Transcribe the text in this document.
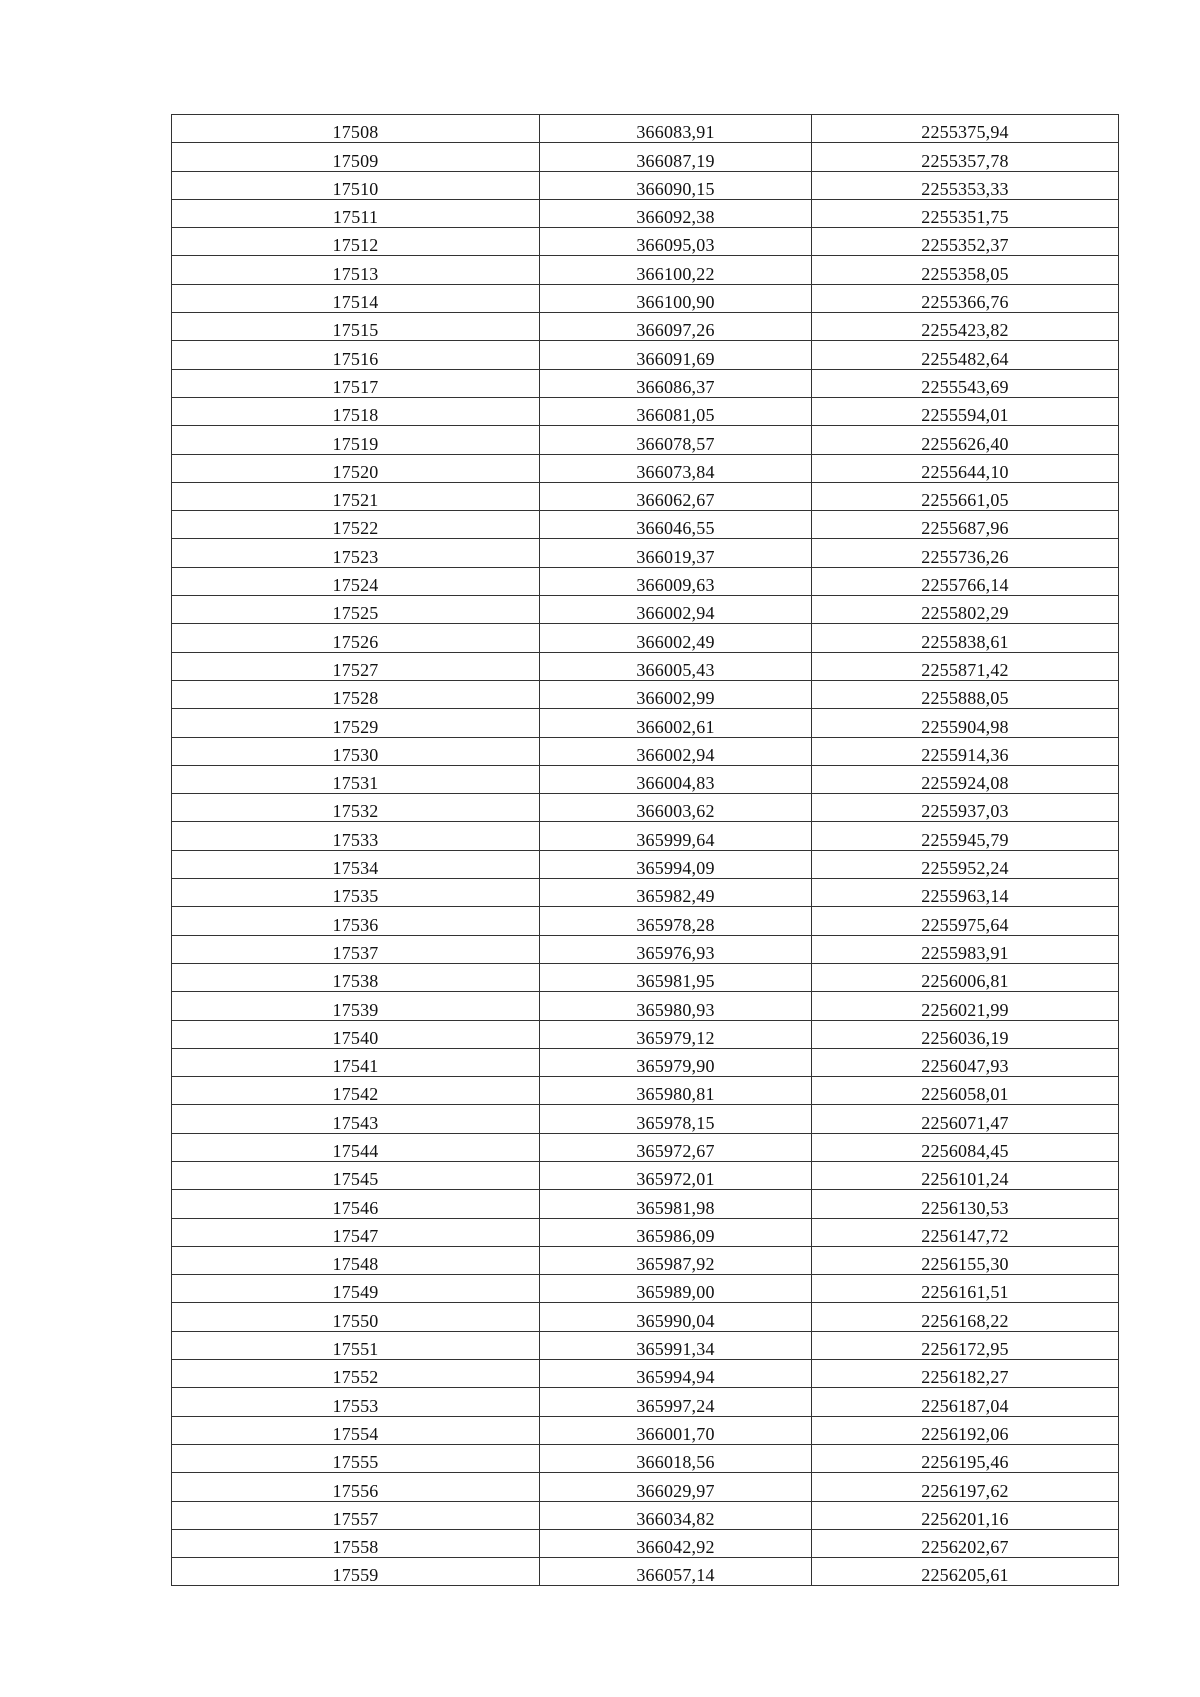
17508	366083,91	2255375,94
17509	366087,19	2255357,78
17510	366090,15	2255353,33
17511	366092,38	2255351,75
17512	366095,03	2255352,37
17513	366100,22	2255358,05
17514	366100,90	2255366,76
17515	366097,26	2255423,82
17516	366091,69	2255482,64
17517	366086,37	2255543,69
17518	366081,05	2255594,01
17519	366078,57	2255626,40
17520	366073,84	2255644,10
17521	366062,67	2255661,05
17522	366046,55	2255687,96
17523	366019,37	2255736,26
17524	366009,63	2255766,14
17525	366002,94	2255802,29
17526	366002,49	2255838,61
17527	366005,43	2255871,42
17528	366002,99	2255888,05
17529	366002,61	2255904,98
17530	366002,94	2255914,36
17531	366004,83	2255924,08
17532	366003,62	2255937,03
17533	365999,64	2255945,79
17534	365994,09	2255952,24
17535	365982,49	2255963,14
17536	365978,28	2255975,64
17537	365976,93	2255983,91
17538	365981,95	2256006,81
17539	365980,93	2256021,99
17540	365979,12	2256036,19
17541	365979,90	2256047,93
17542	365980,81	2256058,01
17543	365978,15	2256071,47
17544	365972,67	2256084,45
17545	365972,01	2256101,24
17546	365981,98	2256130,53
17547	365986,09	2256147,72
17548	365987,92	2256155,30
17549	365989,00	2256161,51
17550	365990,04	2256168,22
17551	365991,34	2256172,95
17552	365994,94	2256182,27
17553	365997,24	2256187,04
17554	366001,70	2256192,06
17555	366018,56	2256195,46
17556	366029,97	2256197,62
17557	366034,82	2256201,16
17558	366042,92	2256202,67
17559	366057,14	2256205,61
